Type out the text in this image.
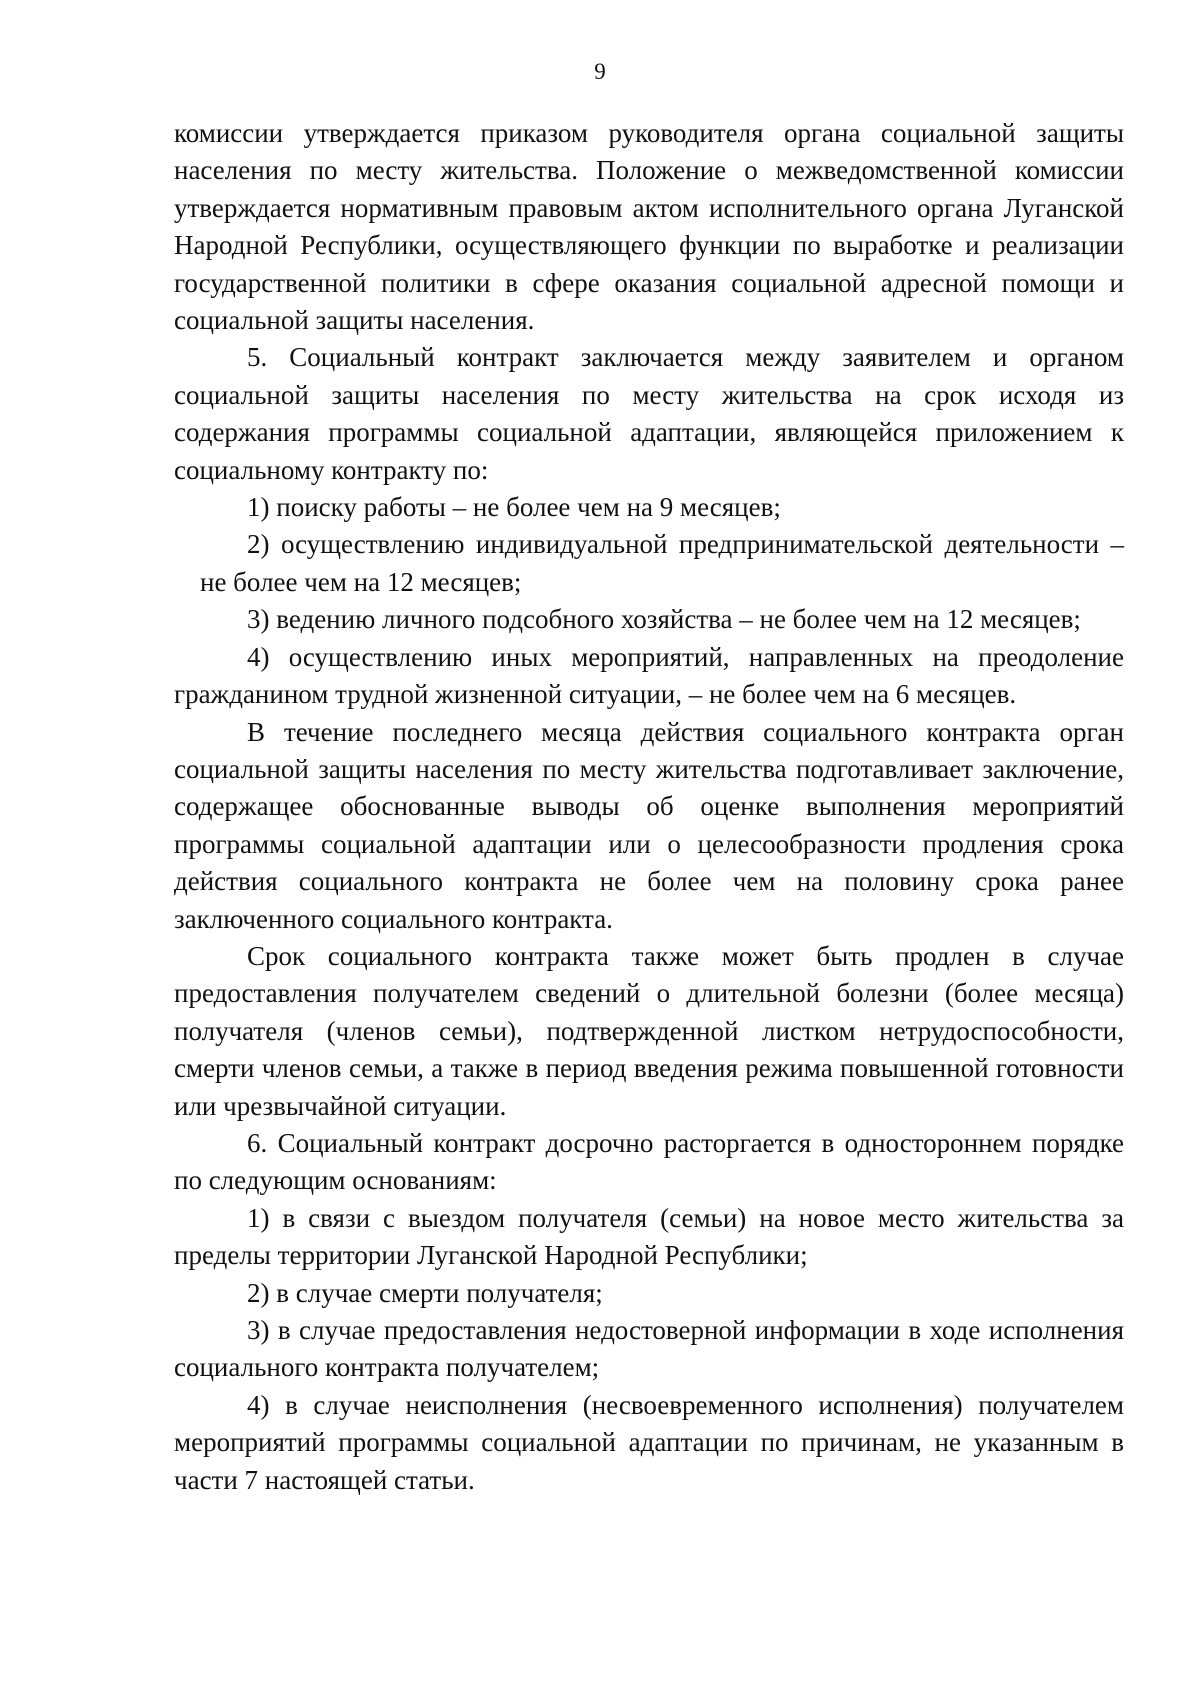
9

комиссии утверждается приказом руководителя органа социальной защиты населения по месту жительства. Положение о межведомственной комиссии утверждается нормативным правовым актом исполнительного органа Луганской Народной Республики, осуществляющего функции по выработке и реализации государственной политики в сфере оказания социальной адресной помощи и социальной защиты населения.

5. Социальный контракт заключается между заявителем и органом социальной защиты населения по месту жительства на срок исходя из содержания программы социальной адаптации, являющейся приложением к социальному контракту по:

1) поиску работы – не более чем на 9 месяцев;

2) осуществлению индивидуальной предпринимательской деятельности – не более чем на 12 месяцев;

3) ведению личного подсобного хозяйства – не более чем на 12 месяцев;

4) осуществлению иных мероприятий, направленных на преодоление гражданином трудной жизненной ситуации, – не более чем на 6 месяцев.

В течение последнего месяца действия социального контракта орган социальной защиты населения по месту жительства подготавливает заключение, содержащее обоснованные выводы об оценке выполнения мероприятий программы социальной адаптации или о целесообразности продления срока действия социального контракта не более чем на половину срока ранее заключенного социального контракта.

Срок социального контракта также может быть продлен в случае предоставления получателем сведений о длительной болезни (более месяца) получателя (членов семьи), подтвержденной листком нетрудоспособности, смерти членов семьи, а также в период введения режима повышенной готовности или чрезвычайной ситуации.

6. Социальный контракт досрочно расторгается в одностороннем порядке по следующим основаниям:

1) в связи с выездом получателя (семьи) на новое место жительства за пределы территории Луганской Народной Республики;

2) в случае смерти получателя;

3) в случае предоставления недостоверной информации в ходе исполнения социального контракта получателем;

4) в случае неисполнения (несвоевременного исполнения) получателем мероприятий программы социальной адаптации по причинам, не указанным в части 7 настоящей статьи.
